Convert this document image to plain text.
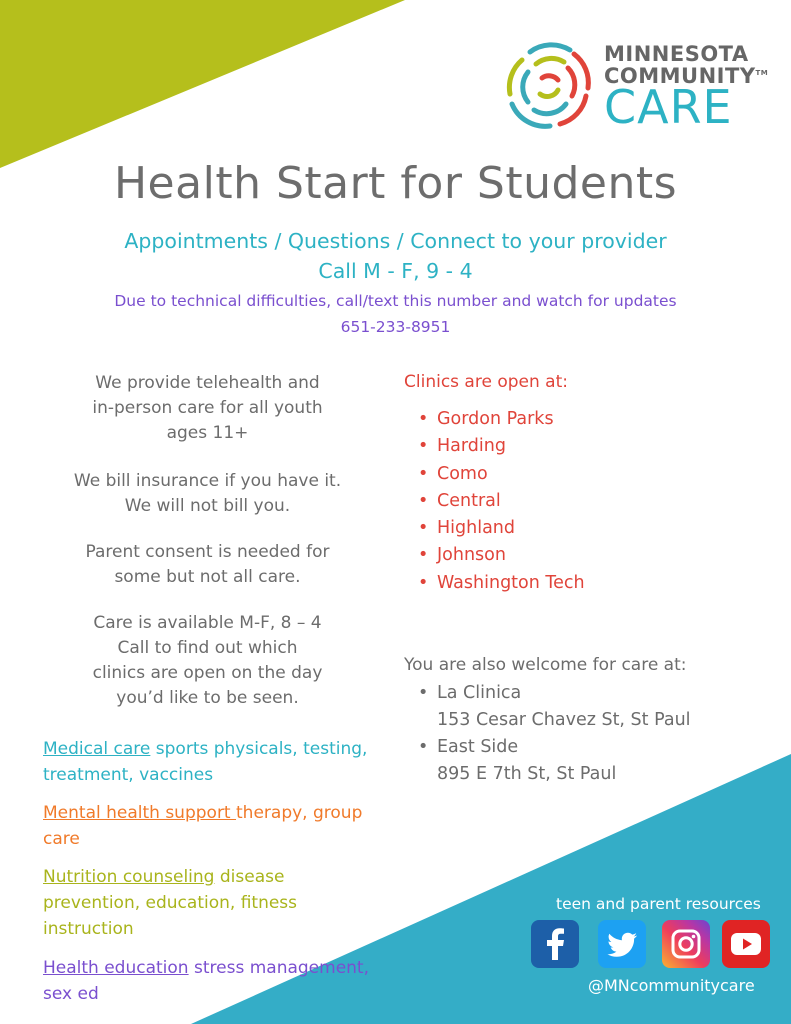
MINNESOTA
COMMUNITY™
CARE
Health Start for Students
Appointments / Questions / Connect to your provider
Call M - F, 9 - 4
Due to technical difficulties, call/text this number and watch for updates
651-233-8951
We provide telehealth and
in-person care for all youth
ages 11+
We bill insurance if you have it.
We will not bill you.
Parent consent is needed for
some but not all care.
Care is available M-F, 8 – 4
Call to find out which
clinics are open on the day
you’d like to be seen.
Medical care sports physicals, testing, treatment, vaccines
Mental health support therapy, group care
Nutrition counseling disease prevention, education, fitness instruction
Health education stress management, sex ed
Clinics are open at:
• Gordon Parks
• Harding
• Como
• Central
• Highland
• Johnson
• Washington Tech
You are also welcome for care at:
• La Clinica
153 Cesar Chavez St, St Paul
• East Side
895 E 7th St, St Paul
teen and parent resources
@MNcommunitycare
